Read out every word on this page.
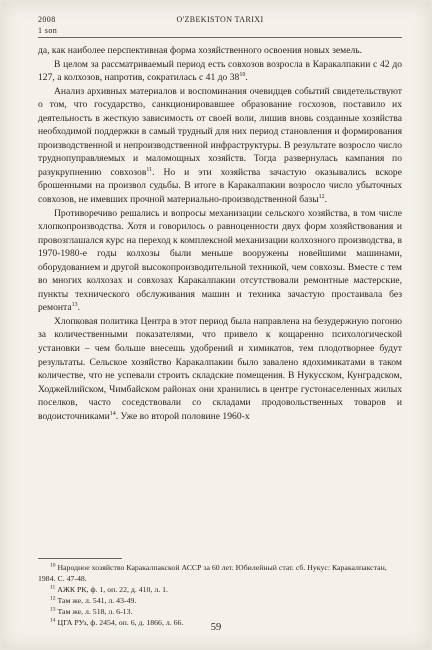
2008
1 son
O'ZBEKISTON TARIXI

да, как наиболее перспективная форма хозяйственного освоения новых земель.

В целом за рассматриваемый период есть совхозов возросла в Каракалпакии с 42 до 127, а колхозов, напротив, сократилась с 41 до $38^{10}$.

Анализ архивных материалов и воспоминания очевидцев событий свидетельствуют о том, что государство, санкционировавшее образование госхозов, поставило их деятельность в жесткую зависимость от своей воли, лишив вновь созданные хозяйства необходимой поддержки в самый трудный для них период становления и формирования производственной и непроизводственной инфраструктуры. В результате возросло число труднопуправляемых и маломощных хозяйств. Тогда развернулась кампания по разукрупнению совхозов$^{11}$. Но и эти хозяйства зачастую оказывались вскоре брошенными на произвол судьбы. В итоге в Каракалпакии возросло число убыточных совхозов, не имевших прочной материально-производственной базы$^{12}$.

Противоречиво решались и вопросы механизации сельского хозяйства, в том числе хлопкопроизводства. Хотя и говорилось о равноценности двух форм хозяйствования и провозглашался курс на переход к комплексной механизации колхозного производства, в 1970-1980-е годы колхозы были меньше вооружены новейшими машинами, оборудованием и другой высокопроизводительной техникой, чем совхозы. Вместе с тем во многих колхозах и совхозах Каракалпакии отсутствовали ремонтные мастерские, пункты технического обслуживания машин и техника зачастую простаивала без ремонта$^{13}$.

Хлопковая политика Центра в этот период была направлена на безудержную погоню за количественными показателями, что привело к кощаренно психологической установки – чем больше внесешь удобрений и химикатов, тем плодотворнее будут результаты. Сельское хозяйство Каракалпакии было завалено ядохимикатами в таком количестве, что не успевали строить складские помещения. В Нукусском, Кунградском, Ходжейлийском, Чимбайском районах они хранились в центре густонаселенных жилых поселков, часто соседствовали со складами продовольственных товаров и водоисточниками$^{14}$. Уже во второй половине 1960-х

$^{10}$ Народное хозяйство Каракалпакской АССР за 60 лет. Юбилейный стат. сб. Нукус: Каракалпакстан, 1984. С. 47-48.
$^{11}$ АЖК РК, ф. 1, оп. 22, д. 410, л. 1.
$^{12}$ Там же, л. 541, л. 43-49.
$^{13}$ Там же, л. 518, л. 6-13.
$^{14}$ ЦГА РУз, ф. 2454, оп. 6, д. 1866, л. 66.	59
